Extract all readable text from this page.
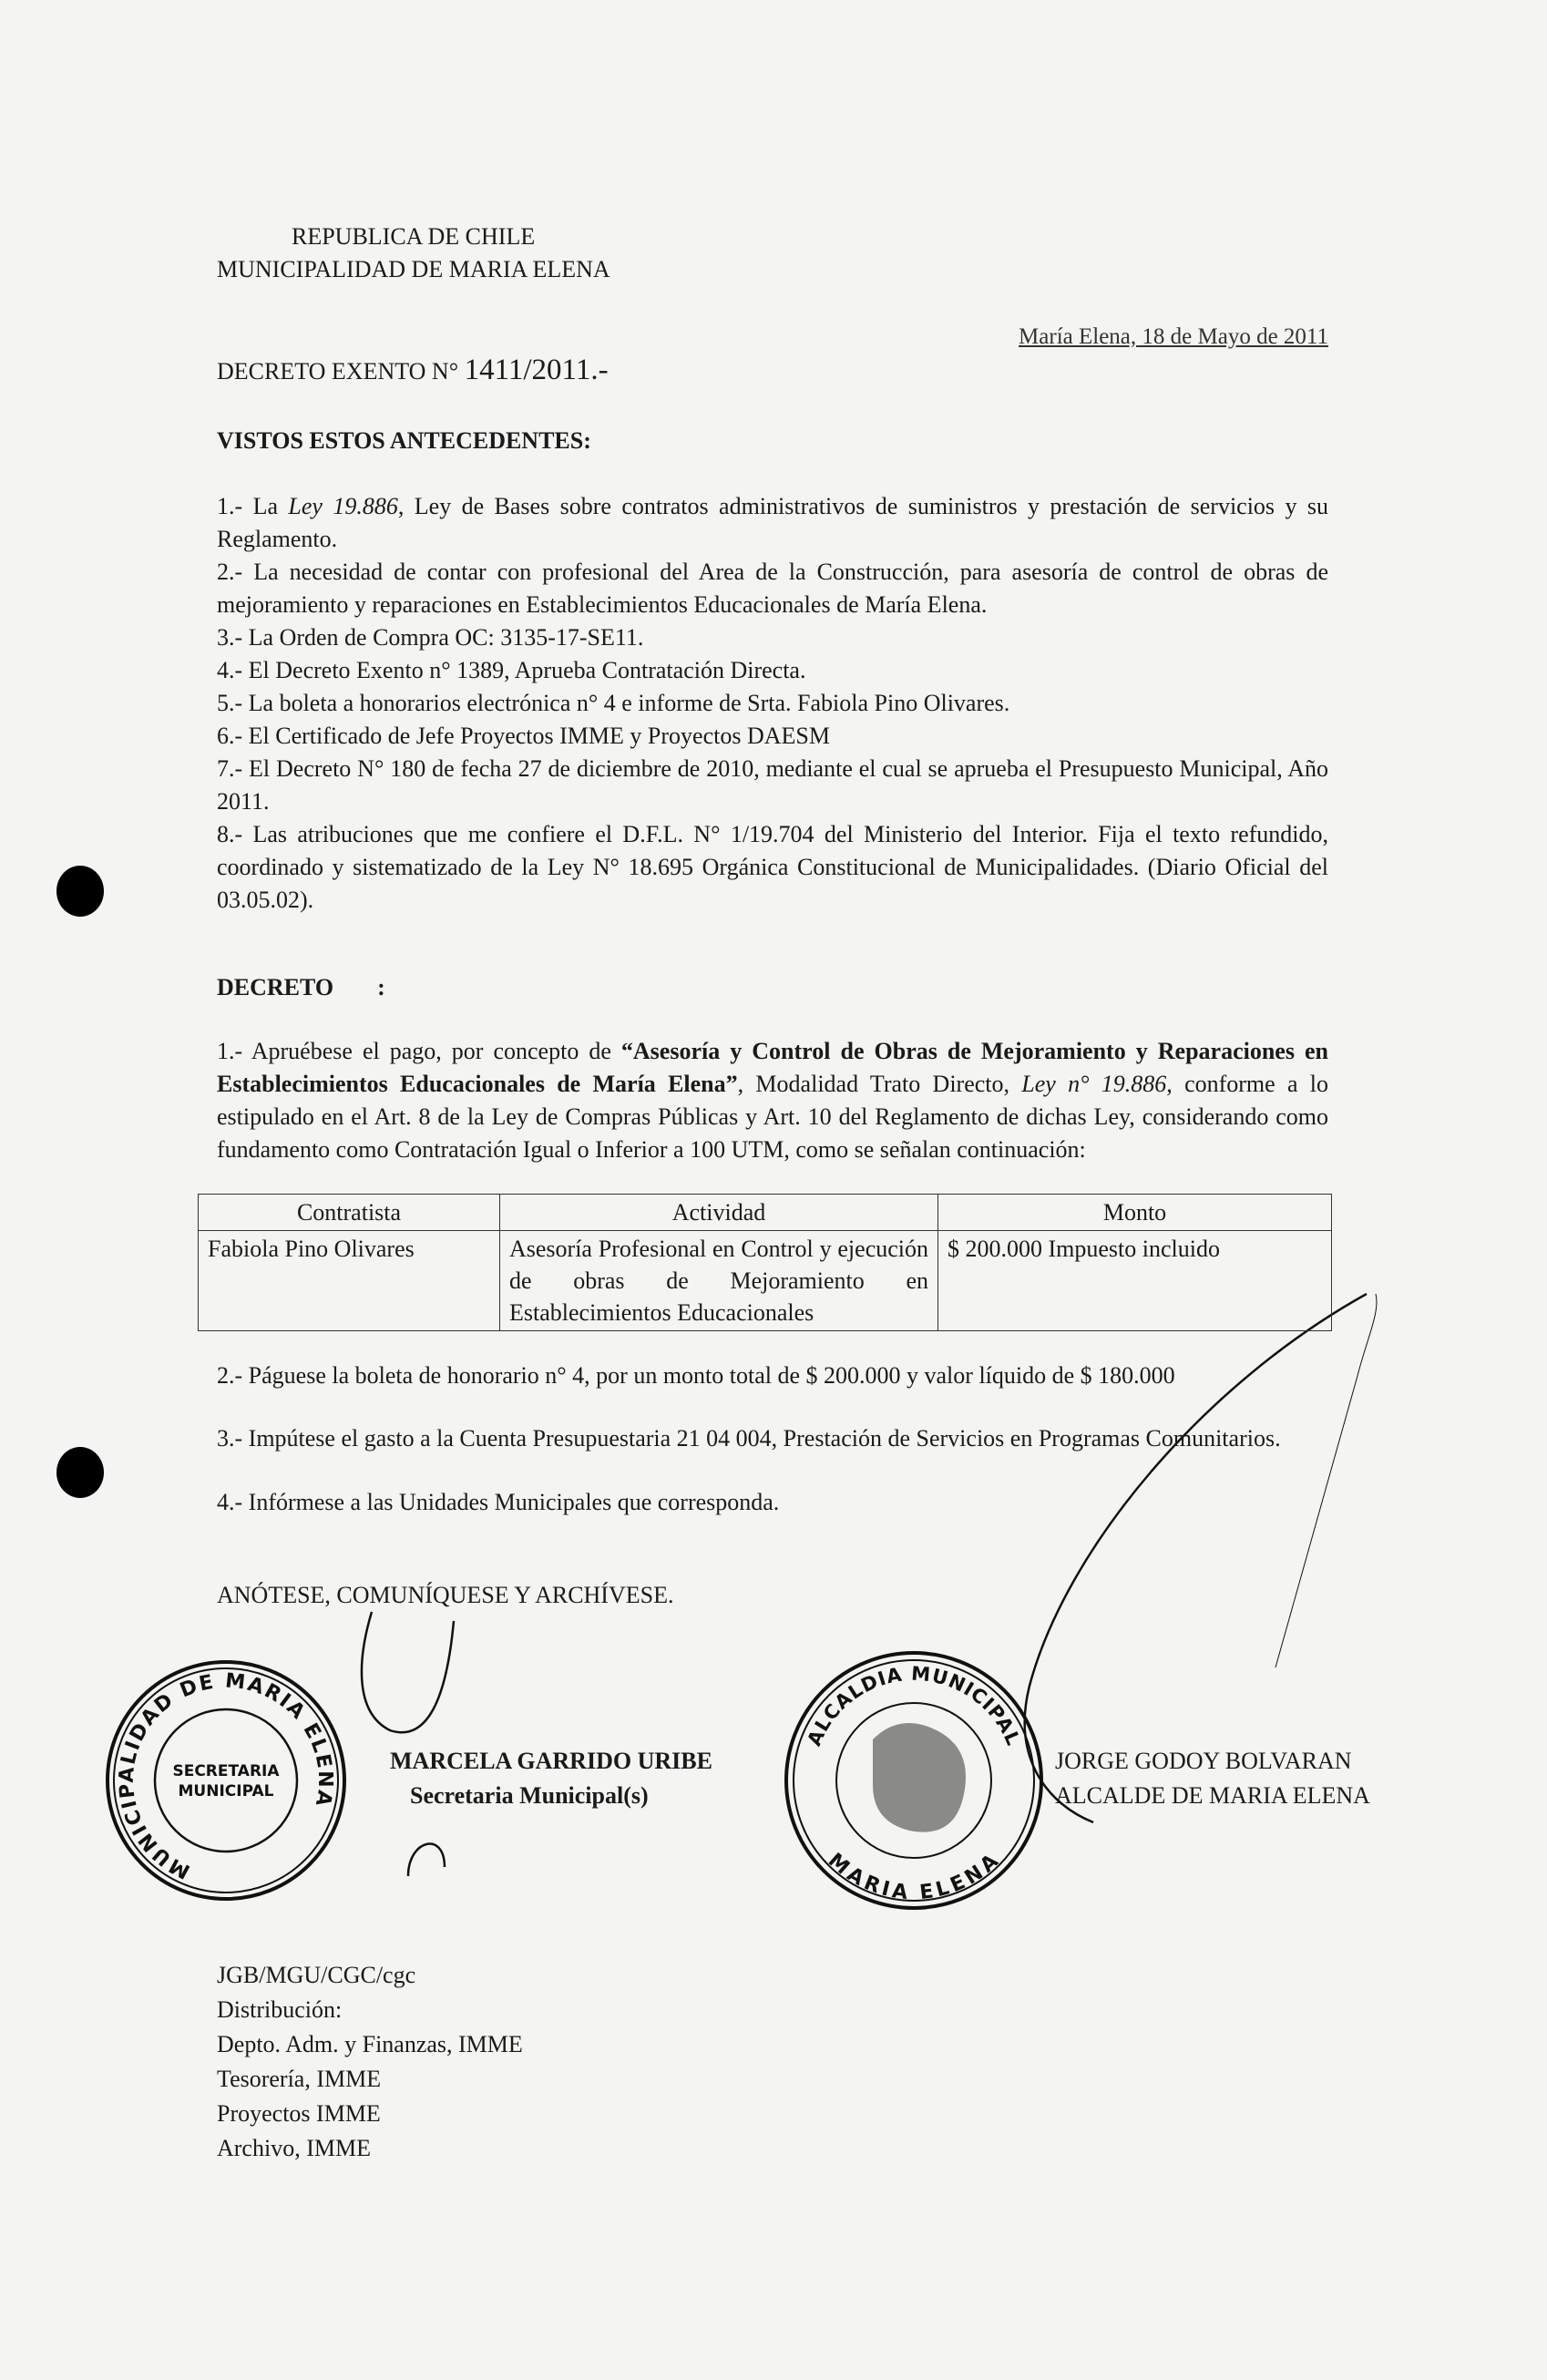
REPUBLICA DE CHILE
MUNICIPALIDAD DE MARIA ELENA
María Elena, 18 de Mayo de 2011
DECRETO EXENTO N° 1411/2011.-
VISTOS ESTOS ANTECEDENTES:
1.- La Ley 19.886, Ley de Bases sobre contratos administrativos de suministros y prestación de servicios y su Reglamento.
2.- La necesidad de contar con profesional del Area de la Construcción, para asesoría de control de obras de mejoramiento y reparaciones en Establecimientos Educacionales de María Elena.
3.- La Orden de Compra OC: 3135-17-SE11.
4.- El Decreto Exento n° 1389, Aprueba Contratación Directa.
5.- La boleta a honorarios electrónica n° 4 e informe de Srta. Fabiola Pino Olivares.
6.- El Certificado de Jefe Proyectos IMME y Proyectos DAESM
7.- El Decreto N° 180 de fecha 27 de diciembre de 2010, mediante el cual se aprueba el Presupuesto Municipal, Año 2011.
8.- Las atribuciones que me confiere el D.F.L. N° 1/19.704 del Ministerio del Interior. Fija el texto refundido, coordinado y sistematizado de la Ley N° 18.695 Orgánica Constitucional de Municipalidades. (Diario Oficial del 03.05.02).
DECRETO :
1.- Apruébese el pago, por concepto de “Asesoría y Control de Obras de Mejoramiento y Reparaciones en Establecimientos Educacionales de María Elena”, Modalidad Trato Directo, Ley n° 19.886, conforme a lo estipulado en el Art. 8 de la Ley de Compras Públicas y Art. 10 del Reglamento de dichas Ley, considerando como fundamento como Contratación Igual o Inferior a 100 UTM, como se señalan continuación:
Contratista	Actividad	Monto
Fabiola Pino Olivares	Asesoría Profesional en Control y ejecución de obras de Mejoramiento en Establecimientos Educacionales	$ 200.000 Impuesto incluido
2.- Páguese la boleta de honorario n° 4, por un monto total de $ 200.000 y valor líquido de $ 180.000
3.- Impútese el gasto a la Cuenta Presupuestaria 21 04 004, Prestación de Servicios en Programas Comunitarios.
4.- Infórmese a las Unidades Municipales que corresponda.
ANÓTESE, COMUNÍQUESE Y ARCHÍVESE.
MUNICIPALIDAD DE MARIA ELENA
SECRETARIA
MUNICIPAL
MARCELA GARRIDO URIBE
Secretaria Municipal(s)
ALCALDIA MUNICIPAL
MARIA ELENA
JORGE GODOY BOLVARAN
ALCALDE DE MARIA ELENA
JGB/MGU/CGC/cgc
Distribución:
Depto. Adm. y Finanzas, IMME
Tesorería, IMME
Proyectos IMME
Archivo, IMME
